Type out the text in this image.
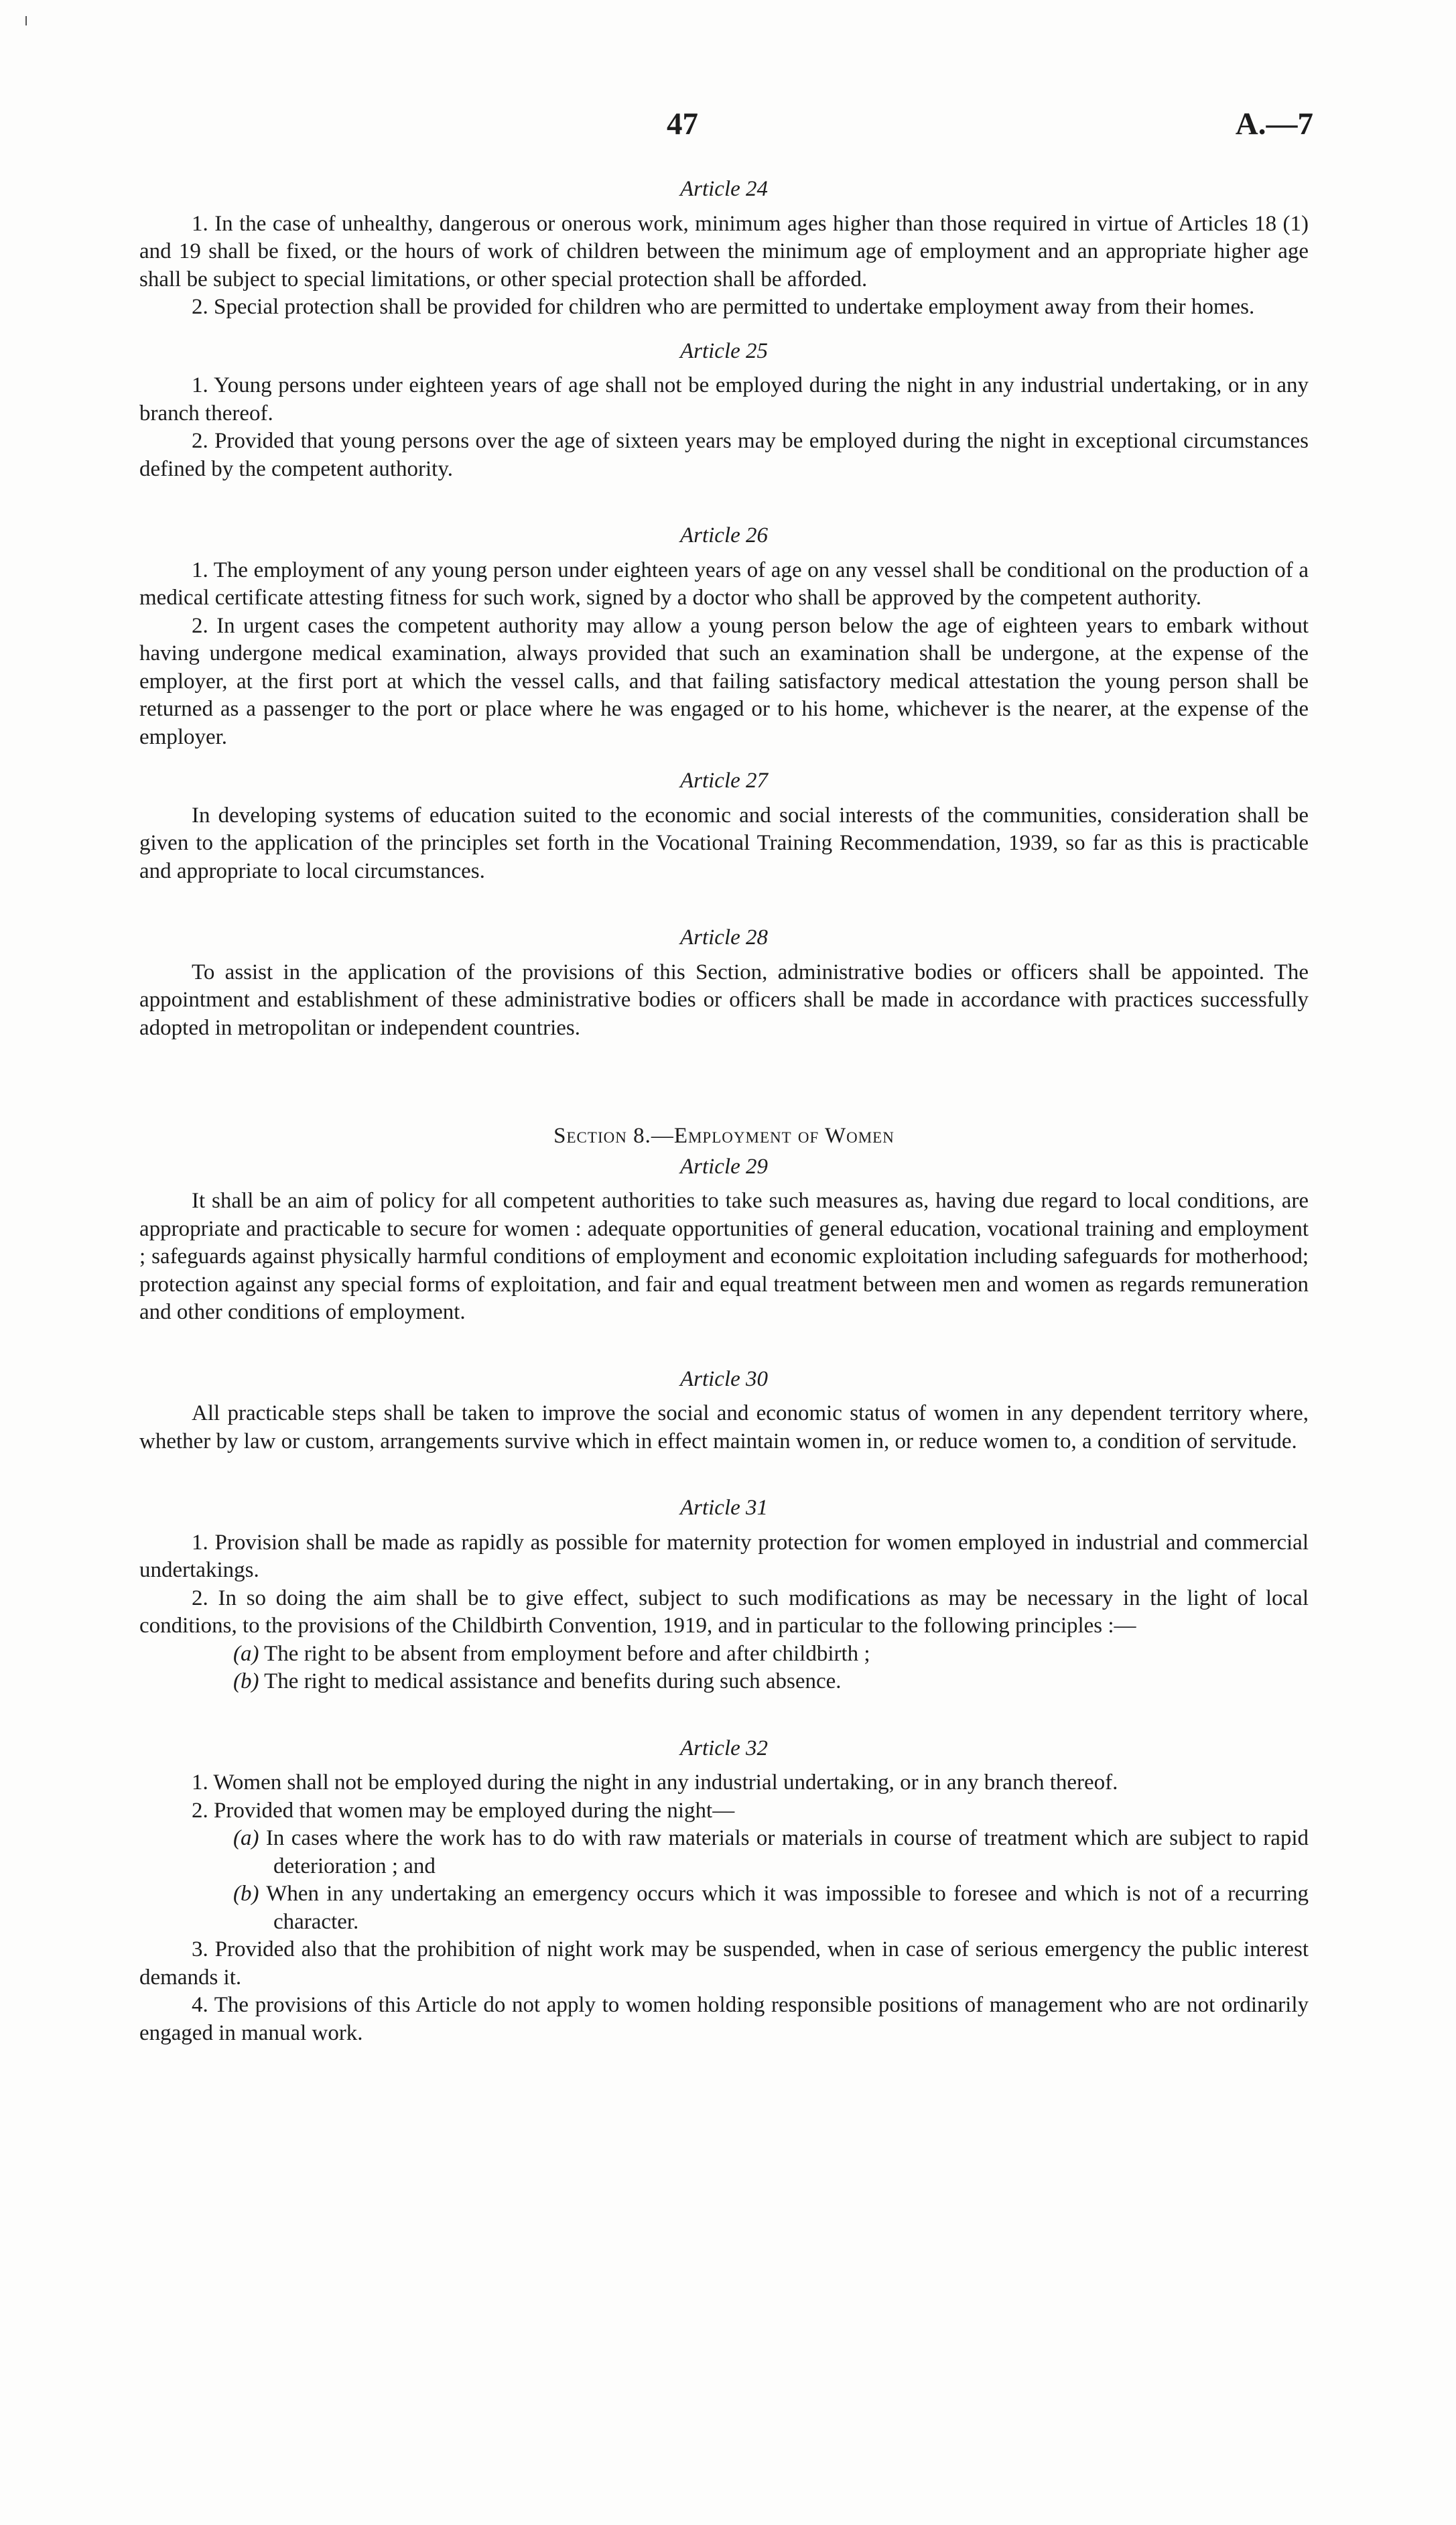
47	A.—7
Article 24

1. In the case of unhealthy, dangerous or onerous work, minimum ages higher than those required in virtue of Articles 18 (1) and 19 shall be fixed, or the hours of work of children between the minimum age of employment and an appropriate higher age shall be subject to special limitations, or other special protection shall be afforded.

2. Special protection shall be provided for children who are permitted to undertake employment away from their homes.

Article 25

1. Young persons under eighteen years of age shall not be employed during the night in any industrial undertaking, or in any branch thereof.

2. Provided that young persons over the age of sixteen years may be employed during the night in exceptional circumstances defined by the competent authority.

Article 26

1. The employment of any young person under eighteen years of age on any vessel shall be conditional on the production of a medical certificate attesting fitness for such work, signed by a doctor who shall be approved by the competent authority.

2. In urgent cases the competent authority may allow a young person below the age of eighteen years to embark without having undergone medical examination, always provided that such an examination shall be undergone, at the expense of the employer, at the first port at which the vessel calls, and that failing satisfactory medical attestation the young person shall be returned as a passenger to the port or place where he was engaged or to his home, whichever is the nearer, at the expense of the employer.

Article 27

In developing systems of education suited to the economic and social interests of the communities, consideration shall be given to the application of the principles set forth in the Vocational Training Recommendation, 1939, so far as this is practicable and appropriate to local circumstances.

Article 28

To assist in the application of the provisions of this Section, administrative bodies or officers shall be appointed. The appointment and establishment of these administrative bodies or officers shall be made in accordance with practices successfully adopted in metropolitan or independent countries.

Section 8.—Employment of Women
Article 29

It shall be an aim of policy for all competent authorities to take such measures as, having due regard to local conditions, are appropriate and practicable to secure for women : adequate opportunities of general education, vocational training and employment ; safeguards against physically harmful conditions of employment and economic exploitation including safeguards for motherhood; protection against any special forms of exploitation, and fair and equal treatment between men and women as regards remuneration and other conditions of employment.

Article 30

All practicable steps shall be taken to improve the social and economic status of women in any dependent territory where, whether by law or custom, arrangements survive which in effect maintain women in, or reduce women to, a condition of servitude.

Article 31

1. Provision shall be made as rapidly as possible for maternity protection for women employed in industrial and commercial undertakings.

2. In so doing the aim shall be to give effect, subject to such modifications as may be necessary in the light of local conditions, to the provisions of the Childbirth Convention, 1919, and in particular to the following principles :—

(a) The right to be absent from employment before and after childbirth ;
(b) The right to medical assistance and benefits during such absence.
Article 32

1. Women shall not be employed during the night in any industrial undertaking, or in any branch thereof.

2. Provided that women may be employed during the night—

(a) In cases where the work has to do with raw materials or materials in course of treatment which are subject to rapid deterioration ; and
(b) When in any undertaking an emergency occurs which it was impossible to foresee and which is not of a recurring character.

3. Provided also that the prohibition of night work may be suspended, when in case of serious emergency the public interest demands it.

4. The provisions of this Article do not apply to women holding responsible positions of management who are not ordinarily engaged in manual work.
